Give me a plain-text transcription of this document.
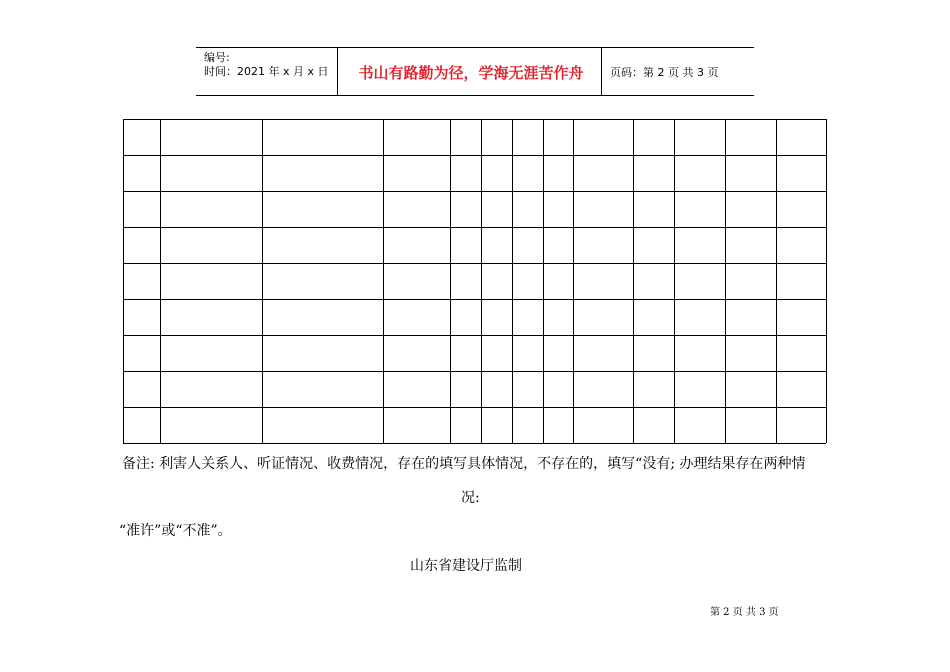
编号:
时间：2021 年 x 月 x 日	书山有路勤为径，学海无涯苦作舟	页码：第 2 页 共 3 页
备注: 利害人关系人、听证情况、收费情况，存在的填写具体情况，不存在的，填写“没有; 办理结果存在两种情
况:
“准许”或“不准”。
山东省建设厅监制
第 2 页 共 3 页
